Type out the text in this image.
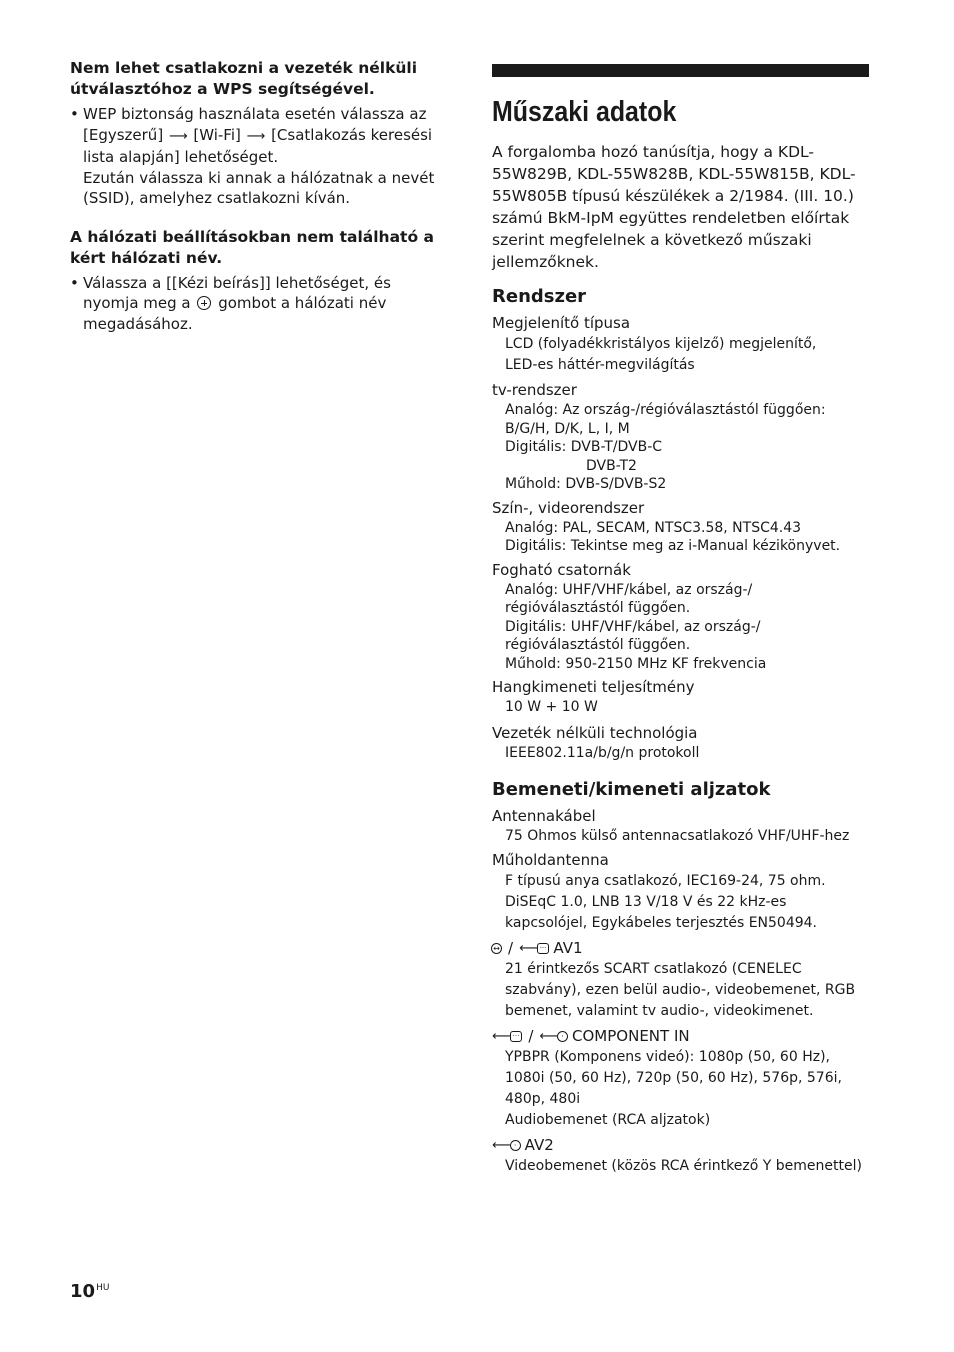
Nem lehet csatlakozni a vezeték nélküli útválasztóhoz a WPS segítségével.

• WEP biztonság használata esetén válassza az
[Egyszerű] ⟶ [Wi-Fi] ⟶ [Csatlakozás keresési lista alapján] lehetőséget.
Ezután válassza ki annak a hálózatnak a nevét (SSID), amelyhez csatlakozni kíván.

A hálózati beállításokban nem található a kért hálózati név.

• Válassza a [[Kézi beírás]] lehetőséget, és nyomja meg a gombot a hálózati név megadásához.
Műszaki adatok

A forgalomba hozó tanúsítja, hogy a KDL-55W829B, KDL-55W828B, KDL-55W815B, KDL-55W805B típusú készülékek a 2/1984. (III. 10.) számú BkM-IpM együttes rendeletben előírtak szerint megfelelnek a következő műszaki jellemzőknek.

Rendszer
Megjelenítő típusa
LCD (folyadékkristályos kijelző) megjelenítő,
LED-es háttér-megvilágítás
tv-rendszer
Analóg: Az ország-/régióválasztástól függően: B/G/H, D/K, L, I, M
Digitális: DVB-T/DVB-C
DVB-T2
Műhold: DVB-S/DVB-S2
Szín-, videorendszer
Analóg: PAL, SECAM, NTSC3.58, NTSC4.43
Digitális: Tekintse meg az i-Manual kézikönyvet.
Fogható csatornák
Analóg: UHF/VHF/kábel, az ország-/ régióválasztástól függően.
Digitális: UHF/VHF/kábel, az ország-/ régióválasztástól függően.
Műhold: 950-2150 MHz KF frekvencia
Hangkimeneti teljesítmény
10 W + 10 W
Vezeték nélküli technológia
IEEE802.11a/b/g/n protokoll
Bemeneti/kimeneti aljzatok
Antennakábel
75 Ohmos külső antennacsatlakozó VHF/UHF-hez
Műholdantenna
F típusú anya csatlakozó, IEC169-24, 75 ohm.
DiSEqC 1.0, LNB 13 V/18 V és 22 kHz-es kapcsolójel, Egykábeles terjesztés EN50494.
↔ / ⟵ ··· AV1
21 érintkezős SCART csatlakozó (CENELEC szabvány), ezen belül audio-, videobemenet, RGB bemenet, valamint tv audio-, videokimenet.
⟵ ··· / ⟵ · COMPONENT IN
YPBPR (Komponens videó): 1080p (50, 60 Hz), 1080i (50, 60 Hz), 720p (50, 60 Hz), 576p, 576i, 480p, 480i
Audiobemenet (RCA aljzatok)
⟵ · AV2
Videobemenet (közös RCA érintkező Y bemenettel)
$10^{HU}$
